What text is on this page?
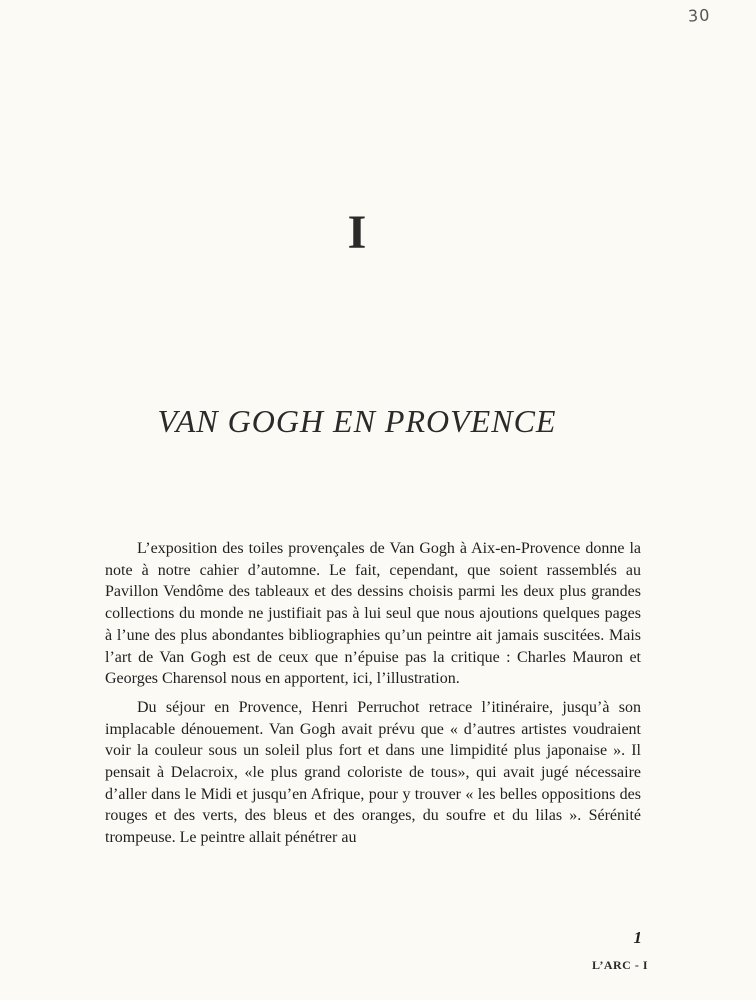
30
I
VAN GOGH EN PROVENCE

L’exposition des toiles provençales de Van Gogh à Aix-en-Provence donne la note à notre cahier d’automne. Le fait, cependant, que soient rassemblés au Pavillon Vendôme des tableaux et des dessins choisis parmi les deux plus grandes collections du monde ne justifiait pas à lui seul que nous ajoutions quelques pages à l’une des plus abondantes bibliographies qu’un peintre ait jamais suscitées. Mais l’art de Van Gogh est de ceux que n’épuise pas la critique : Charles Mauron et Georges Charensol nous en apportent, ici, l’illustration.

Du séjour en Provence, Henri Perruchot retrace l’itinéraire, jusqu’à son implacable dénouement. Van Gogh avait prévu que « d’autres artistes voudraient voir la couleur sous un soleil plus fort et dans une limpidité plus japonaise ». Il pensait à Delacroix, «le plus grand coloriste de tous», qui avait jugé nécessaire d’aller dans le Midi et jusqu’en Afrique, pour y trouver « les belles oppositions des rouges et des verts, des bleus et des oranges, du soufre et du lilas ». Sérénité trompeuse. Le peintre allait pénétrer au

1
L’ARC - I
